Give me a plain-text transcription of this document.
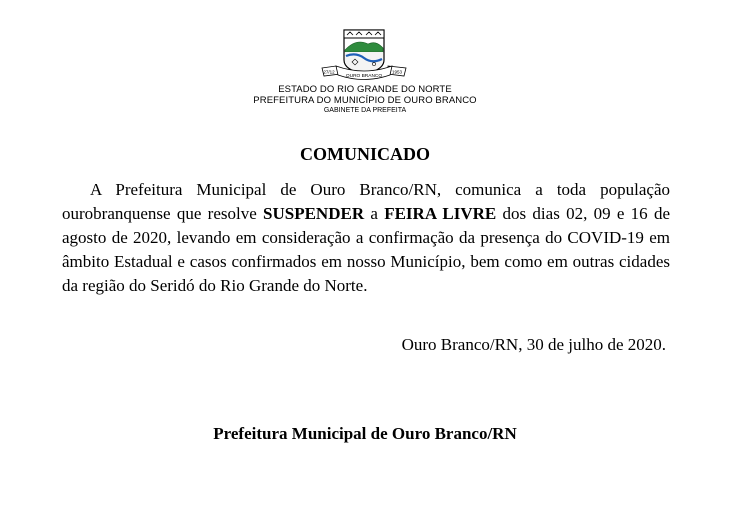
27/12
OURO BRANCO
1953
ESTADO DO RIO GRANDE DO NORTE
PREFEITURA DO MUNICÍPIO DE OURO BRANCO
GABINETE DA PREFEITA
COMUNICADO
A Prefeitura Municipal de Ouro Branco/RN, comunica a toda população ourobranquense que resolve SUSPENDER a FEIRA LIVRE dos dias 02, 09 e 16 de agosto de 2020, levando em consideração a confirmação da presença do COVID-19 em âmbito Estadual e casos confirmados em nosso Município, bem como em outras cidades da região do Seridó do Rio Grande do Norte.
Ouro Branco/RN, 30 de julho de 2020.
Prefeitura Municipal de Ouro Branco/RN
